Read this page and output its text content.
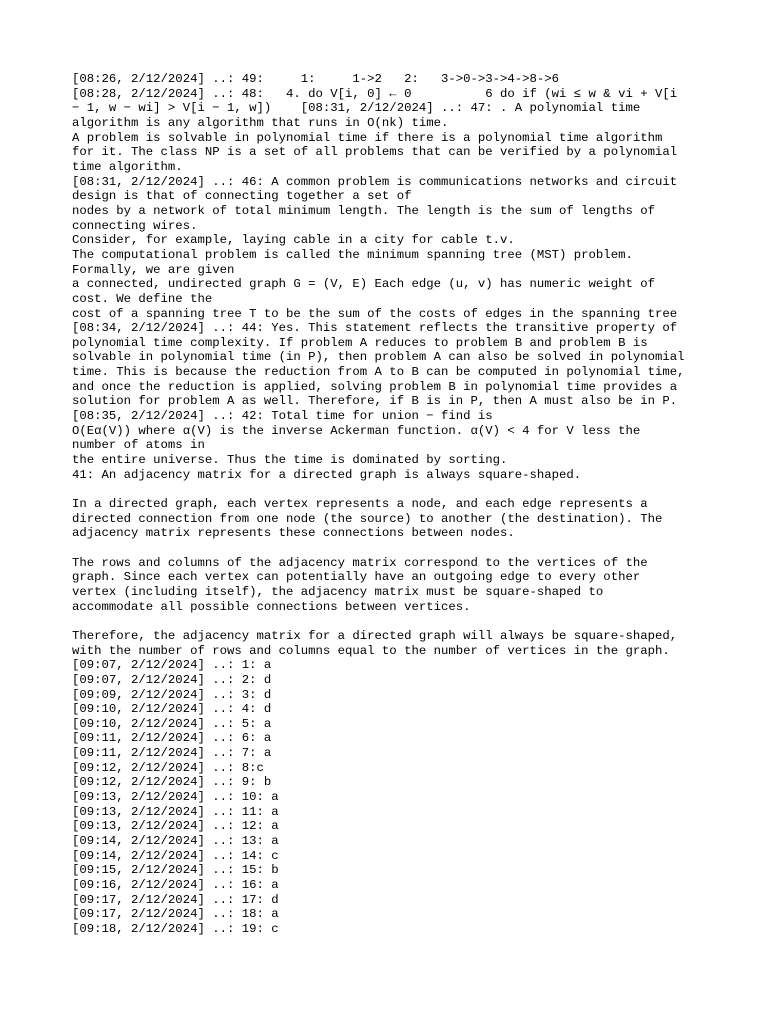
[08:26, 2/12/2024] ..: 49:     1:     1->2   2:   3->0->3->4->8->6
[08:28, 2/12/2024] ..: 48:   4. do V[i, 0] ← 0          6 do if (wi ≤ w & vi + V[i
− 1, w − wi] > V[i − 1, w])    [08:31, 2/12/2024] ..: 47: . A polynomial time
algorithm is any algorithm that runs in O(nk) time.
A problem is solvable in polynomial time if there is a polynomial time algorithm
for it. The class NP is a set of all problems that can be verified by a polynomial
time algorithm.
[08:31, 2/12/2024] ..: 46: A common problem is communications networks and circuit
design is that of connecting together a set of
nodes by a network of total minimum length. The length is the sum of lengths of
connecting wires.
Consider, for example, laying cable in a city for cable t.v.
The computational problem is called the minimum spanning tree (MST) problem.
Formally, we are given
a connected, undirected graph G = (V, E) Each edge (u, v) has numeric weight of
cost. We define the
cost of a spanning tree T to be the sum of the costs of edges in the spanning tree
[08:34, 2/12/2024] ..: 44: Yes. This statement reflects the transitive property of
polynomial time complexity. If problem A reduces to problem B and problem B is
solvable in polynomial time (in P), then problem A can also be solved in polynomial
time. This is because the reduction from A to B can be computed in polynomial time,
and once the reduction is applied, solving problem B in polynomial time provides a
solution for problem A as well. Therefore, if B is in P, then A must also be in P.
[08:35, 2/12/2024] ..: 42: Total time for union − find is
O(Eα(V)) where α(V) is the inverse Ackerman function. α(V) < 4 for V less the
number of atoms in
the entire universe. Thus the time is dominated by sorting.
41: An adjacency matrix for a directed graph is always square-shaped.
In a directed graph, each vertex represents a node, and each edge represents a
directed connection from one node (the source) to another (the destination). The
adjacency matrix represents these connections between nodes.
The rows and columns of the adjacency matrix correspond to the vertices of the
graph. Since each vertex can potentially have an outgoing edge to every other
vertex (including itself), the adjacency matrix must be square-shaped to
accommodate all possible connections between vertices.
Therefore, the adjacency matrix for a directed graph will always be square-shaped,
with the number of rows and columns equal to the number of vertices in the graph.
[09:07, 2/12/2024] ..: 1: a
[09:07, 2/12/2024] ..: 2: d
[09:09, 2/12/2024] ..: 3: d
[09:10, 2/12/2024] ..: 4: d
[09:10, 2/12/2024] ..: 5: a
[09:11, 2/12/2024] ..: 6: a
[09:11, 2/12/2024] ..: 7: a
[09:12, 2/12/2024] ..: 8:c
[09:12, 2/12/2024] ..: 9: b
[09:13, 2/12/2024] ..: 10: a
[09:13, 2/12/2024] ..: 11: a
[09:13, 2/12/2024] ..: 12: a
[09:14, 2/12/2024] ..: 13: a
[09:14, 2/12/2024] ..: 14: c
[09:15, 2/12/2024] ..: 15: b
[09:16, 2/12/2024] ..: 16: a
[09:17, 2/12/2024] ..: 17: d
[09:17, 2/12/2024] ..: 18: a
[09:18, 2/12/2024] ..: 19: c
